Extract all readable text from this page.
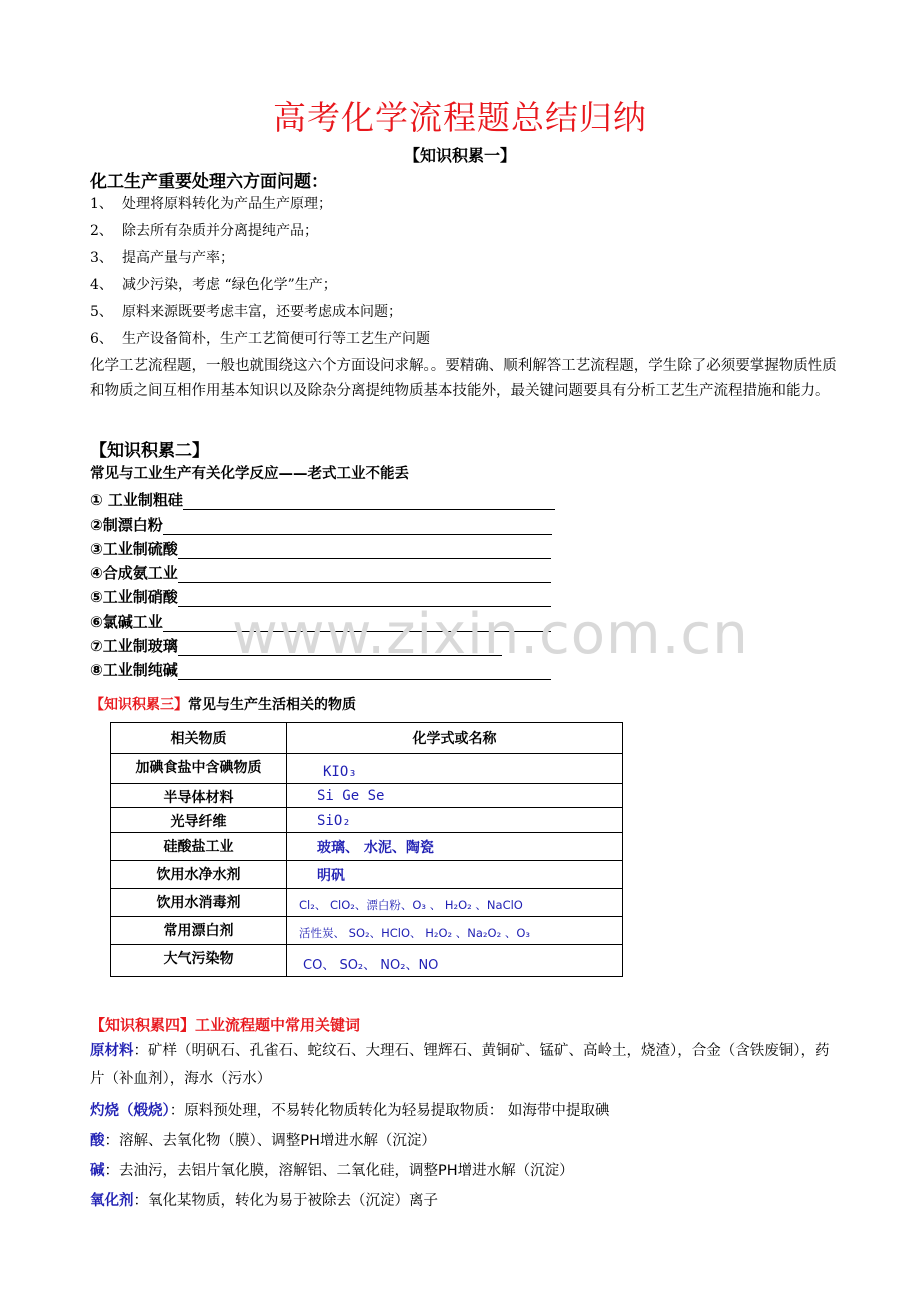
高考化学流程题总结归纳
【知识积累一】
化工生产重要处理六方面问题：
1、 处理将原料转化为产品生产原理；
2、 除去所有杂质并分离提纯产品；
3、 提高产量与产率；
4、 减少污染，考虑 “绿色化学”生产；
5、 原料来源既要考虑丰富，还要考虑成本问题；
6、 生产设备简朴，生产工艺简便可行等工艺生产问题
化学工艺流程题，一般也就围绕这六个方面设问求解。。要精确、顺利解答工艺流程题，学生除了必须要掌握物质性质和物质之间互相作用基本知识以及除杂分离提纯物质基本技能外，最关键问题要具有分析工艺生产流程措施和能力。
【知识积累二】
常见与工业生产有关化学反应——老式工业不能丢
① 工业制粗硅
②制漂白粉
③工业制硫酸
④合成氨工业
⑤工业制硝酸
⑥氯碱工业
⑦工业制玻璃
⑧工业制纯碱
www.zixin.com.cn
【知识积累三】常见与生产生活相关的物质
相关物质	化学式或名称
加碘食盐中含碘物质	KIO₃
半导体材料	Si Ge Se
光导纤维	SiO₂
硅酸盐工业	玻璃、 水泥、陶瓷
饮用水净水剂	明矾
饮用水消毒剂	Cl₂、 ClO₂、漂白粉、O₃ 、 H₂O₂ 、NaClO
常用漂白剂	活性炭、 SO₂、HClO、 H₂O₂ 、Na₂O₂ 、O₃
大气污染物	CO、 SO₂、 NO₂、NO
【知识积累四】工业流程题中常用关键词
原材料：矿样（明矾石、孔雀石、蛇纹石、大理石、锂辉石、黄铜矿、锰矿、高岭土，烧渣），合金（含铁废铜），药片（补血剂），海水（污水）
灼烧（煅烧）：原料预处理，不易转化物质转化为轻易提取物质： 如海带中提取碘
酸：溶解、去氧化物（膜）、调整PH增进水解（沉淀）
碱：去油污，去铝片氧化膜，溶解铝、二氧化硅，调整PH增进水解（沉淀）
氧化剂：氧化某物质，转化为易于被除去（沉淀）离子
